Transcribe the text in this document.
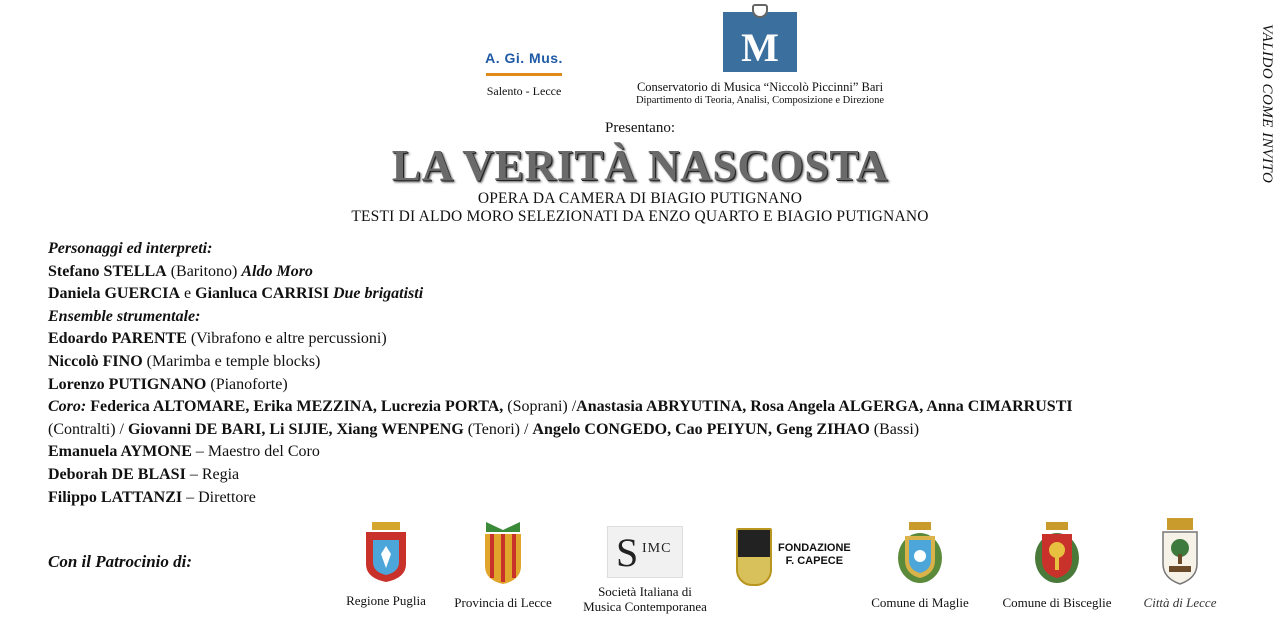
A. Gi. Mus.
Salento - Lecce
M
Conservatorio di Musica “Niccolò Piccinni” Bari
Dipartimento di Teoria, Analisi, Composizione e Direzione
Presentano:
LA VERITÀ NASCOSTA
OPERA DA CAMERA DI BIAGIO PUTIGNANO
TESTI DI ALDO MORO SELEZIONATI DA ENZO QUARTO E BIAGIO PUTIGNANO
VALIDO COME INVITO
Personaggi ed interpreti:
Stefano STELLA (Baritono) Aldo Moro
Daniela GUERCIA e Gianluca CARRISI Due brigatisti
Ensemble strumentale:
Edoardo PARENTE (Vibrafono e altre percussioni)
Niccolò FINO (Marimba e temple blocks)
Lorenzo PUTIGNANO (Pianoforte)
Coro: Federica ALTOMARE, Erika MEZZINA, Lucrezia PORTA, (Soprani) /Anastasia ABRYUTINA, Rosa Angela ALGERGA, Anna CIMARRUSTI
(Contralti) / Giovanni DE BARI, Li SIJIE, Xiang WENPENG (Tenori) / Angelo CONGEDO, Cao PEIYUN, Geng ZIHAO (Bassi)
Emanuela AYMONE – Maestro del Coro
Deborah DE BLASI – Regia
Filippo LATTANZI – Direttore
Con il Patrocinio di:
Regione Puglia	Provincia di Lecce
S IMC
Società Italiana di
Musica Contemporanea
FONDAZIONE
F. CAPECE
Comune di Maglie	Comune di Bisceglie	Città di Lecce
